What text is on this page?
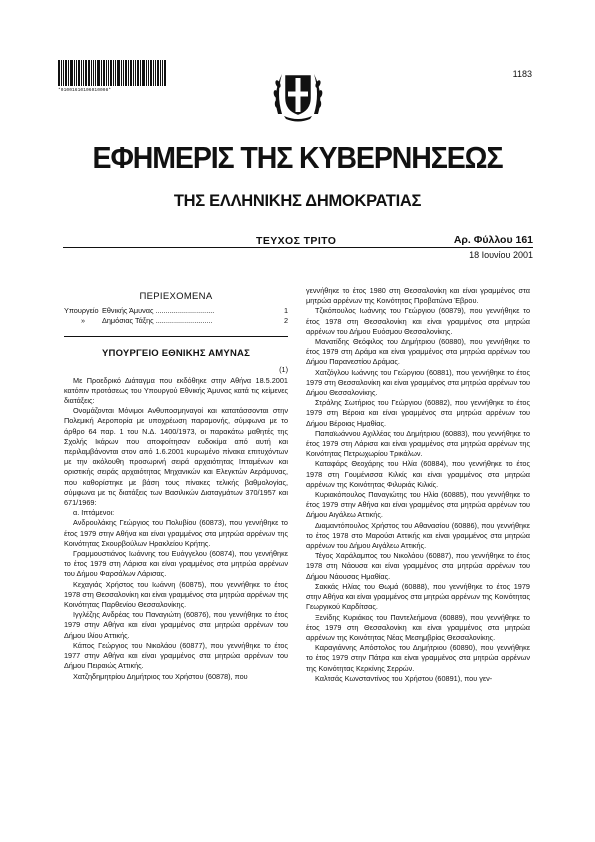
*01001610106010008*
1183
ΕΦΗΜΕΡΙΣ ΤΗΣ ΚΥΒΕΡΝΗΣΕΩΣ
ΤΗΣ ΕΛΛΗΝΙΚΗΣ ΔΗΜΟΚΡΑΤΙΑΣ
ΤΕΥΧΟΣ ΤΡΙΤΟ	Αρ. Φύλλου 161
18 Ιουνίου 2001

ΠΕΡΙΕΧΟΜΕΝΑ

Υπουργείο Εθνικής Άμυνας .............................	1
»	Δημόσιας Τάξης ............................	2

ΥΠΟΥΡΓΕΙΟ ΕΘΝΙΚΗΣ ΑΜΥΝΑΣ

(1)

Με Προεδρικό Διάταγμα που εκδόθηκε στην Αθήνα 18.5.2001 κατόπιν προτάσεως του Υπουργού Εθνικής Άμυνας κατά τις κείμενες διατάξεις:

Ονομάζονται Μόνιμοι Ανθυποσμηναγοί και κατατάσσονται στην Πολεμική Αεροπορία με υποχρέωση παραμονής, σύμφωνα με το άρθρο 64 παρ. 1 του Ν.Δ. 1400/1973, οι παρακάτω μαθητές της Σχολής Ικάρων που αποφοίτησαν ευδοκίμα από αυτή και περιλαμβάνονται στον από 1.6.2001 κυρωμένο πίνακα επιτυχόντων με την ακόλουθη προσωρινή σειρά αρχαιότητας Ιπταμένων και οριστικής σειράς αρχαιότητας Μηχανικών και Ελεγκτών Αεράμυνας, που καθορίστηκε με βάση τους πίνακες τελικής βαθμολογίας, σύμφωνα με τις διατάξεις των Βασιλικών Διαταγμάτων 370/1957 και 671/1969:

α. Ιπτάμενοι:

Ανδρουλάκης Γεώργιος του Πολυβίου (60873), που γεννήθηκε το έτος 1979 στην Αθήνα και είναι γραμμένος στα μητρώα αρρένων της Κοινότητας Σκουρβούλων Ηρακλείου Κρήτης.

Γραμμουστιάνος Ιωάννης του Ευάγγελου (60874), που γεννήθηκε το έτος 1979 στη Λάρισα και είναι γραμμένος στα μητρώα αρρένων του Δήμου Φαρσάλων Λάρισας.

Κεχαγιάς Χρήστος του Ιωάννη (60875), που γεννήθηκε το έτος 1978 στη Θεσσαλονίκη και είναι γραμμένος στα μητρώα αρρένων της Κοινότητας Παρθενίου Θεσσαλονίκης.

Ιγγλέζης Ανδρέας του Παναγιώτη (60876), που γεννήθηκε το έτος 1979 στην Αθήνα και είναι γραμμένος στα μητρώα αρρένων του Δήμου Ιλίου Αττικής.

Κάπος Γεώργιος του Νικολάου (60877), που γεννήθηκε το έτος 1977 στην Αθήνα και είναι γραμμένος στα μητρώα αρρένων του Δήμου Πειραιώς Αττικής.

Χατζηδημητρίου Δημήτριος του Χρήστου (60878), που

γεννήθηκε το έτος 1980 στη Θεσσαλονίκη και είναι γραμμένος στα μητρώα αρρένων της Κοινότητας Προβατώνα Έβρου.

Τζικόπουλος Ιωάννης του Γεώργιου (60879), που γεννήθηκε το έτος 1978 στη Θεσσαλονίκη και είναι γραμμένος στα μητρώα αρρένων του Δήμου Ευόσμου Θεσσαλονίκης.

Μανατίδης Θεόφιλος του Δημήτριου (60880), που γεννήθηκε το έτος 1979 στη Δράμα και είναι γραμμένος στα μητρώα αρρένων του Δήμου Παρανεστίου Δράμας.

Χατζόγλου Ιωάννης του Γεώργιου (60881), που γεννήθηκε το έτος 1979 στη Θεσσαλονίκη και είναι γραμμένος στα μητρώα αρρένων του Δήμου Θεσσαλονίκης.

Στράλης Σωτήριος του Γεώργιου (60882), που γεννήθηκε το έτος 1979 στη Βέροια και είναι γραμμένος στα μητρώα αρρένων του Δήμου Βέροιας Ημαθίας.

Παπαϊωάννου Αχιλλέας του Δημήτριου (60883), που γεννήθηκε το έτος 1979 στη Λάρισα και είναι γραμμένος στα μητρώα αρρένων της Κοινότητας Πετρωχωρίου Τρικάλων.

Καταφάρς Θεοχάρης του Ηλία (60884), που γεννήθηκε το έτος 1978 στη Γουμένισσα Κιλκίς και είναι γραμμένος στα μητρώα αρρένων της Κοινότητας Φιλυριάς Κιλκίς.

Κυριακόπουλος Παναγιώτης του Ηλία (60885), που γεννήθηκε το έτος 1979 στην Αθήνα και είναι γραμμένος στα μητρώα αρρένων του Δήμου Αιγάλεω Αττικής.

Διαμαντόπουλος Χρήστος του Αθανασίου (60886), που γεννήθηκε το έτος 1978 στο Μαρούσι Αττικής και είναι γραμμένος στα μητρώα αρρένων του Δήμου Αιγάλεω Αττικής.

Τέγος Χαράλαμπος του Νικολάου (60887), που γεννήθηκε το έτος 1978 στη Νάουσα και είναι γραμμένος στα μητρώα αρρένων του Δήμου Νάουσας Ημαθίας.

Σακκάς Ηλίας του Θωμά (60888), που γεννήθηκε το έτος 1979 στην Αθήνα και είναι γραμμένος στα μητρώα αρρένων της Κοινότητας Γεωργικού Καρδίτσας.

Ξενίδης Κυριάκος του Παντελεήμονα (60889), που γεννήθηκε το έτος 1979 στη Θεσσαλονίκη και είναι γραμμένος στα μητρώα αρρένων της Κοινότητας Νέας Μεσημβρίας Θεσσαλονίκης.

Καραγιάννης Απόστολος του Δημήτριου (60890), που γεννήθηκε το έτος 1979 στην Πάτρα και είναι γραμμένος στα μητρώα αρρένων της Κοινότητας Κερκίνης Σερρών.

Καλτσάς Κωνσταντίνος του Χρήστου (60891), που γεν-
